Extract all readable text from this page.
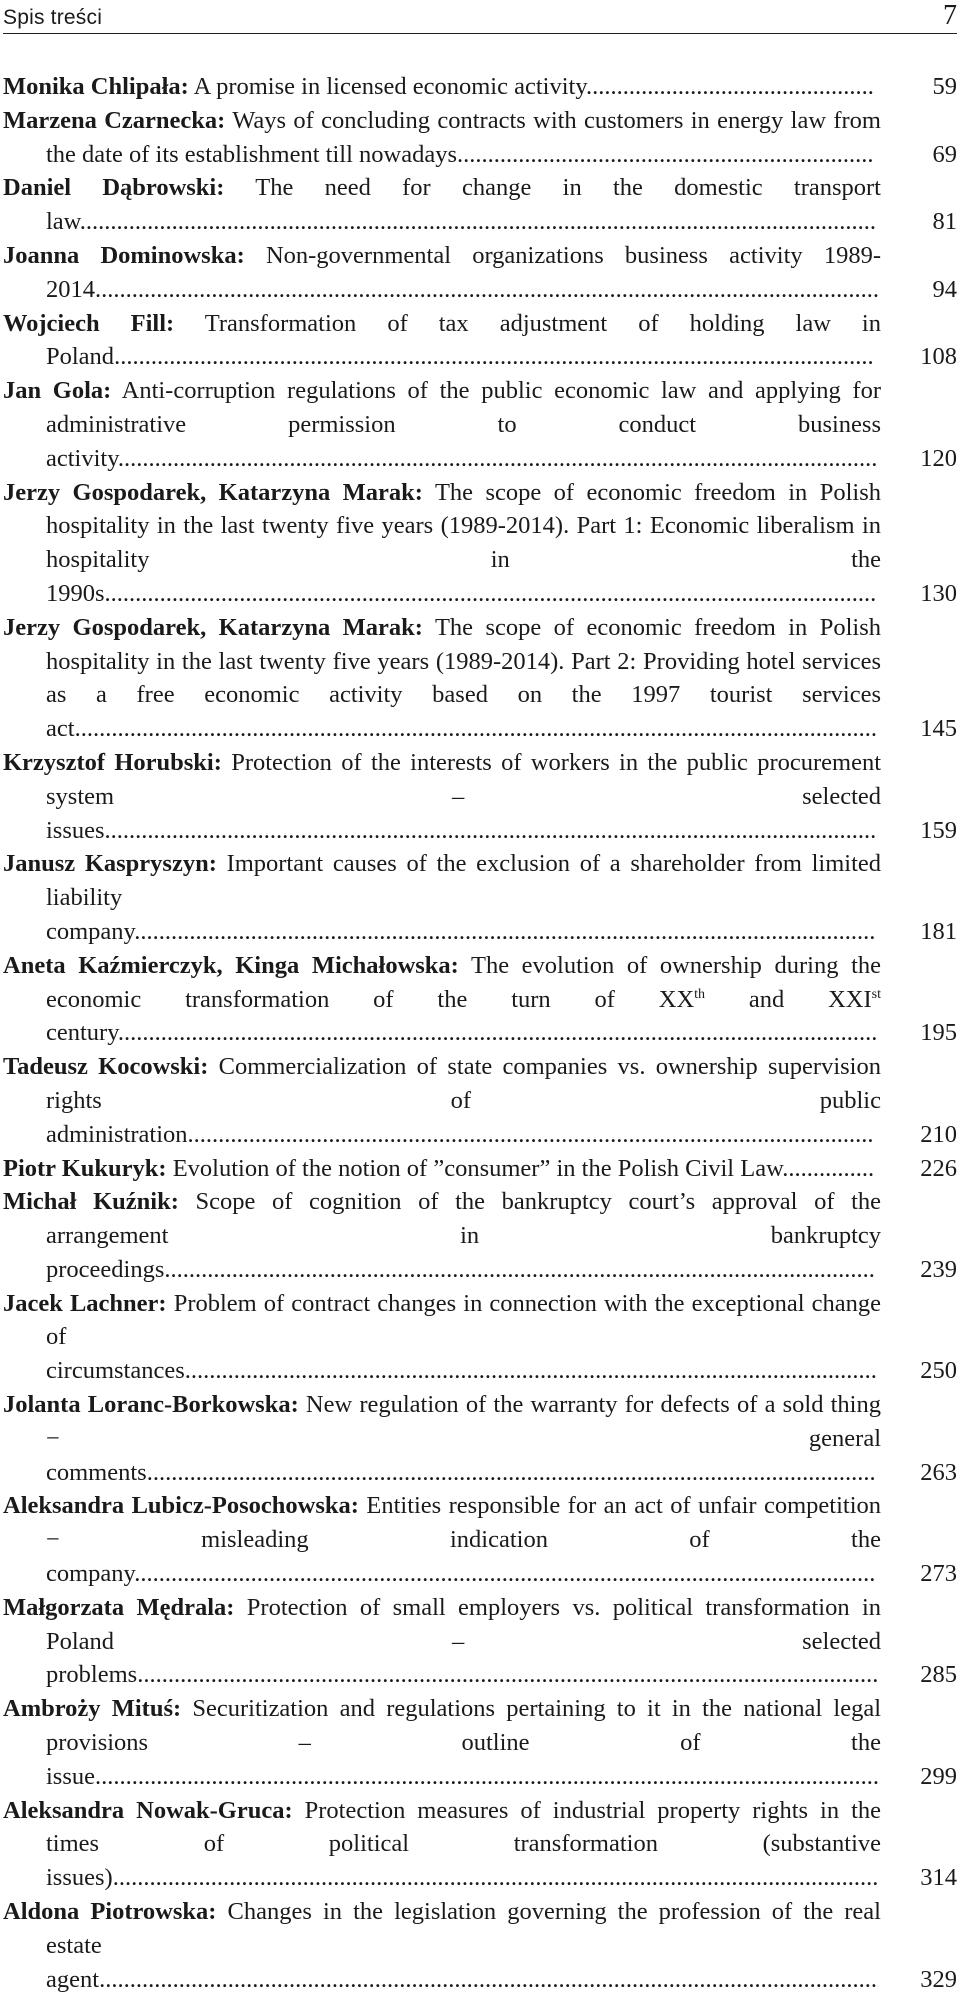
Spis treści	7
Monika Chlipała: A promise in licensed economic activity...............................................	59
Marzena Czarnecka: Ways of concluding contracts with customers in energy law from the date of its establishment till nowadays....................................................................	69
Daniel Dąbrowski: The need for change in the domestic transport law..................................................................................................................................	81
Joanna Dominowska: Non-governmental organizations business activity 1989-2014................................................................................................................................	94
Wojciech Fill: Transformation of tax adjustment of holding law in Poland............................................................................................................................	108
Jan Gola: Anti-corruption regulations of the public economic law and applying for administrative permission to conduct business activity............................................................................................................................	120
Jerzy Gospodarek, Katarzyna Marak: The scope of economic freedom in Polish hospitality in the last twenty five years (1989-2014). Part 1: Economic liberalism in hospitality in the 1990s..............................................................................................................................	130
Jerzy Gospodarek, Katarzyna Marak: The scope of economic freedom in Polish hospitality in the last twenty five years (1989-2014). Part 2: Providing hotel services as a free economic activity based on the 1997 tourist services act...................................................................................................................................	145
Krzysztof Horubski: Protection of the interests of workers in the public procurement system – selected issues..............................................................................................................................	159
Janusz Kaspryszyn: Important causes of the exclusion of a shareholder from limited liability company.........................................................................................................................	181
Aneta Kaźmierczyk, Kinga Michałowska: The evolution of ownership during the economic transformation of the turn of XXth and XXIst century............................................................................................................................	195
Tadeusz Kocowski: Commercialization of state companies vs. ownership supervision rights of public administration................................................................................................................	210
Piotr Kukuryk: Evolution of the notion of ”consumer” in the Polish Civil Law...............	226
Michał Kuźnik: Scope of cognition of the bankruptcy court’s approval of the arrangement in bankruptcy proceedings....................................................................................................................	239
Jacek Lachner: Problem of contract changes in connection with the exceptional change of circumstances.................................................................................................................	250
Jolanta Loranc-Borkowska: New regulation of the warranty for defects of a sold thing − general comments.......................................................................................................................	263
Aleksandra Lubicz-Posochowska: Entities responsible for an act of unfair competition − misleading indication of the company.........................................................................................................................	273
Małgorzata Mędrala: Protection of small employers vs. political transformation in Poland – selected problems.........................................................................................................................	285
Ambroży Mituś: Securitization and regulations pertaining to it in the national legal provisions – outline of the issue................................................................................................................................	299
Aleksandra Nowak-Gruca: Protection measures of industrial property rights in the times of political transformation (substantive issues).............................................................................................................................	314
Aldona Piotrowska: Changes in the legislation governing the profession of the real estate agent...............................................................................................................................	329
